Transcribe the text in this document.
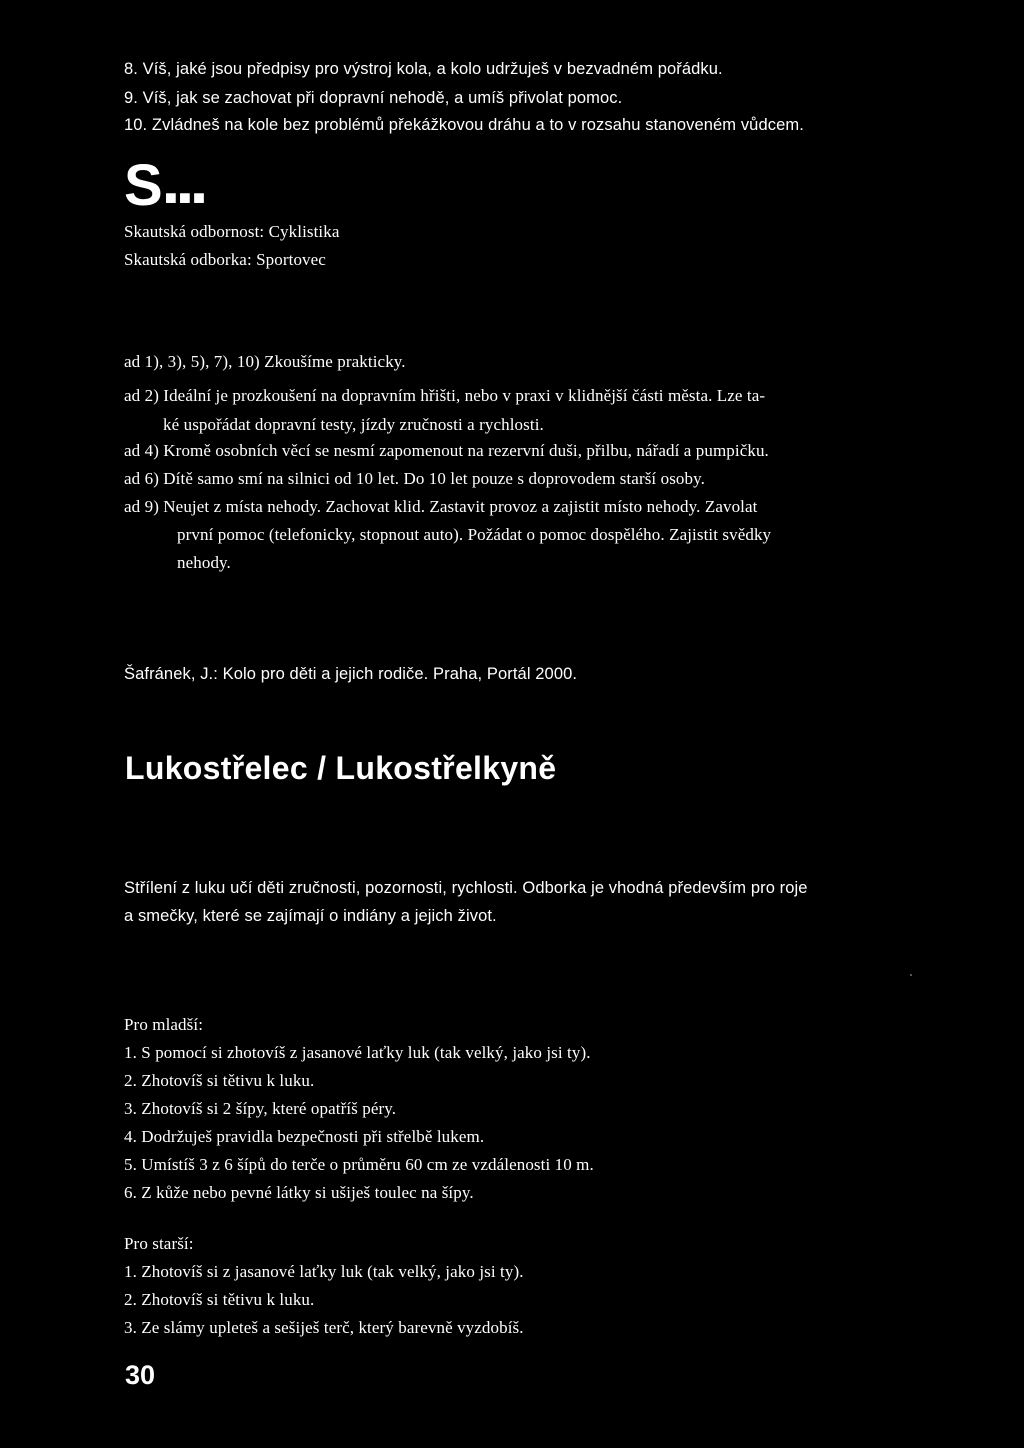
8. Víš, jaké jsou předpisy pro výstroj kola, a kolo udržuješ v bezvadném pořádku.
9. Víš, jak se zachovat při dopravní nehodě, a umíš přivolat pomoc.
10. Zvládneš na kole bez problémů překážkovou dráhu a to v rozsahu stanoveném vůdcem.
S ■■■
Skautská odbornost: Cyklistika
Skautská odborka: Sportovec
ad 1), 3), 5), 7), 10) Zkoušíme prakticky.
ad 2) Ideální je prozkoušení na dopravním hřišti, nebo v praxi v klidnější části města. Lze ta-
ké uspořádat dopravní testy, jízdy zručnosti a rychlosti.
ad 4) Kromě osobních věcí se nesmí zapomenout na rezervní duši, přilbu, nářadí a pumpičku.
ad 6) Dítě samo smí na silnici od 10 let. Do 10 let pouze s doprovodem starší osoby.
ad 9) Neujet z místa nehody. Zachovat klid. Zastavit provoz a zajistit místo nehody. Zavolat
první pomoc (telefonicky, stopnout auto). Požádat o pomoc dospělého. Zajistit svědky
nehody.
Šafránek, J.: Kolo pro děti a jejich rodiče. Praha, Portál 2000.
Lukostřelec / Lukostřelkyně
Střílení z luku učí děti zručnosti, pozornosti, rychlosti. Odborka je vhodná především pro roje
a smečky, které se zajímají o indiány a jejich život.
Pro mladší:
1. S pomocí si zhotovíš z jasanové laťky luk (tak velký, jako jsi ty).
2. Zhotovíš si tětivu k luku.
3. Zhotovíš si 2 šípy, které opatříš péry.
4. Dodržuješ pravidla bezpečnosti při střelbě lukem.
5. Umístíš 3 z 6 šípů do terče o průměru 60 cm ze vzdálenosti 10 m.
6. Z kůže nebo pevné látky si ušiješ toulec na šípy.
Pro starší:
1. Zhotovíš si z jasanové laťky luk (tak velký, jako jsi ty).
2. Zhotovíš si tětivu k luku.
3. Ze slámy upleteš a sešiješ terč, který barevně vyzdobíš.
30
